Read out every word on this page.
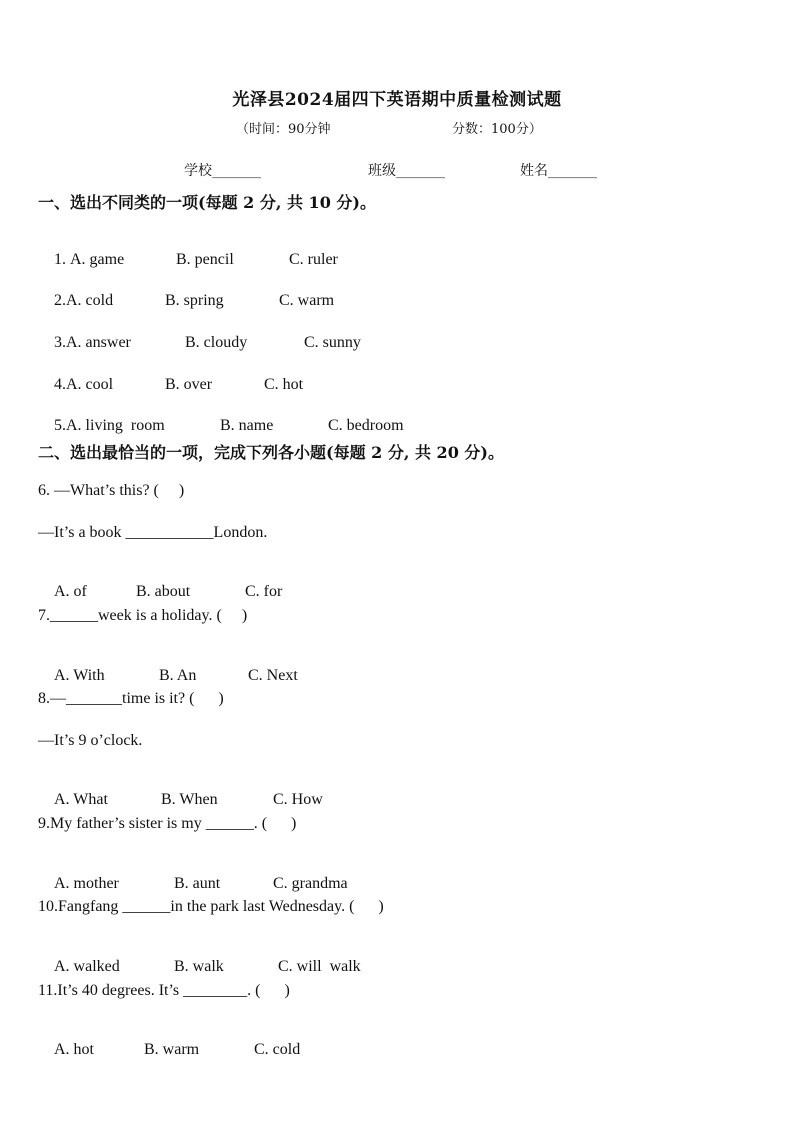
光泽县2024届四下英语期中质量检测试题
（时间：90分钟	分数：100分）
学校_______	班级_______	姓名_______
一、选出不同类的一项(每题 2 分, 共 10 分)。

1. A. game	B. pencil	C. ruler

2.A. cold	B. spring	C. warm

3.A. answer	B. cloudy	C. sunny

4.A. cool	B. over	C. hot

5.A. living  room	B. name	C. bedroom

二、选出最恰当的一项，完成下列各小题(每题 2 分, 共 20 分)。
6. —What’s this? (     )
—It’s a book ___________London.

A. of	B. about	C. for

7.______week is a holiday. (     )

A. With	B. An	C. Next

8.—_______time is it? (      )
—It’s 9 o’clock.

A. What	B. When	C. How

9.My father’s sister is my ______. (      )

A. mother	B. aunt	C. grandma

10.Fangfang ______in the park last Wednesday. (      )

A. walked	B. walk	C. will  walk

11.It’s 40 degrees. It’s ________. (      )

A. hot	B. warm	C. cold
